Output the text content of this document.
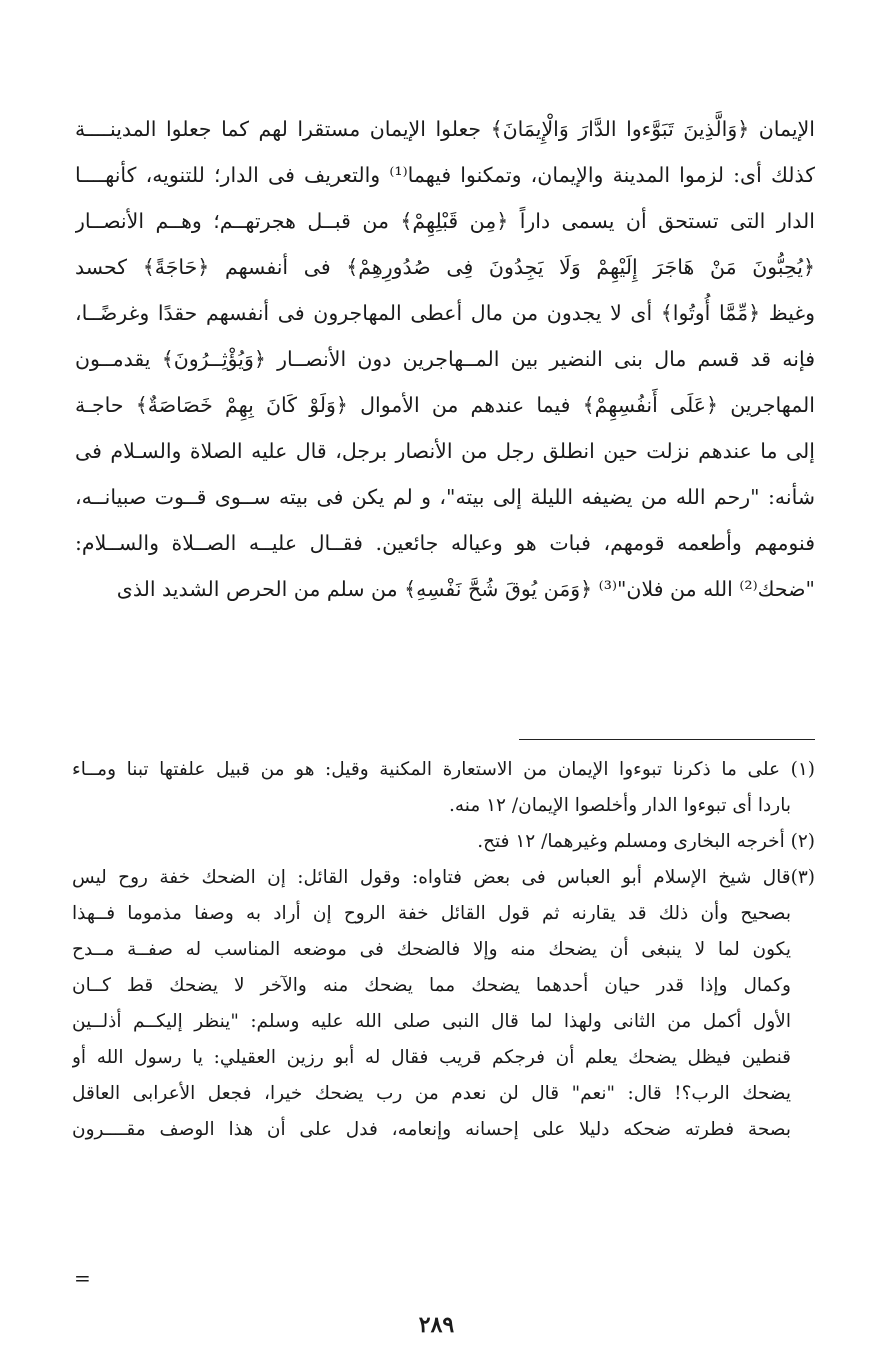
الإيمان ﴿وَالَّذِينَ تَبَوَّءوا الدَّارَ وَالْإِيمَانَ﴾ جعلوا الإيمان مستقرا لهم كما جعلوا المدينــــة
كذلك أى: لزموا المدينة والإيمان، وتمكنوا فيهما⁽¹⁾ والتعريف فى الدار؛ للتنويه، كأنهــــا
الدار التى تستحق أن يسمى داراً ﴿مِن قَبْلِهِمْ﴾ من قبــل هجرتهــم؛ وهــم الأنصــار
﴿يُحِبُّونَ مَنْ هَاجَرَ إِلَيْهِمْ وَلَا يَجِدُونَ فِى صُدُورِهِمْ﴾ فى أنفسهم ﴿حَاجَةً﴾ كحسد
وغيظ ﴿مِّمَّا أُوتُوا﴾ أى لا يجدون من مال أعطى المهاجرون فى أنفسهم حقدًا وغرضًــا،
فإنه قد قسم مال بنى النضير بين المــهاجرين دون الأنصــار ﴿وَيُؤْثِــرُونَ﴾ يقدمــون
المهاجرين ﴿عَلَى أَنفُسِهِمْ﴾ فيما عندهم من الأموال ﴿وَلَوْ كَانَ بِهِمْ خَصَاصَةٌ﴾ حاجـة
إلى ما عندهم نزلت حين انطلق رجل من الأنصار برجل، قال عليه الصلاة والسـلام فى
شأنه: "رحم الله من يضيفه الليلة إلى بيته"، و لم يكن فى بيته ســوى قــوت صبيانــه،
فنومهم وأطعمه قومهم، فبات هو وعياله جائعين. فقــال عليــه الصــلاة والســلام:
"ضحك⁽²⁾ الله من فلان"⁽³⁾ ﴿وَمَن يُوقَ شُحَّ نَفْسِهِ﴾ من سلم من الحرص الشديد الذى
(١) على ما ذكرنا تبوءوا الإيمان من الاستعارة المكنية وقيل: هو من قبيل علفتها تبنا ومــاء
باردا أى تبوءوا الدار وأخلصوا الإيمان/ ١٢ منه.
(٢) أخرجه البخارى ومسلم وغيرهما/ ١٢ فتح.
(٣)قال شيخ الإسلام أبو العباس فى بعض فتاواه: وقول القائل: إن الضحك خفة روح ليس
بصحيح وأن ذلك قد يقارنه ثم قول القائل خفة الروح إن أراد به وصفا مذموما فــهذا
يكون لما لا ينبغى أن يضحك منه وإلا فالضحك فى موضعه المناسب له صفــة مــدح
وكمال وإذا قدر حيان أحدهما يضحك مما يضحك منه والآخر لا يضحك قط كــان
الأول أكمل من الثانى ولهذا لما قال النبى صلى الله عليه وسلم: "ينظر إليكــم أذلــين
قنطين فيظل يضحك يعلم أن فرجكم قريب فقال له أبو رزين العقيلي: يا رسول الله أو
يضحك الرب؟! قال: "نعم" قال لن نعدم من رب يضحك خيرا، فجعل الأعرابى العاقل
بصحة فطرته ضحكه دليلا على إحسانه وإنعامه، فدل على أن هذا الوصف مقــــرون
=
٢٨٩
